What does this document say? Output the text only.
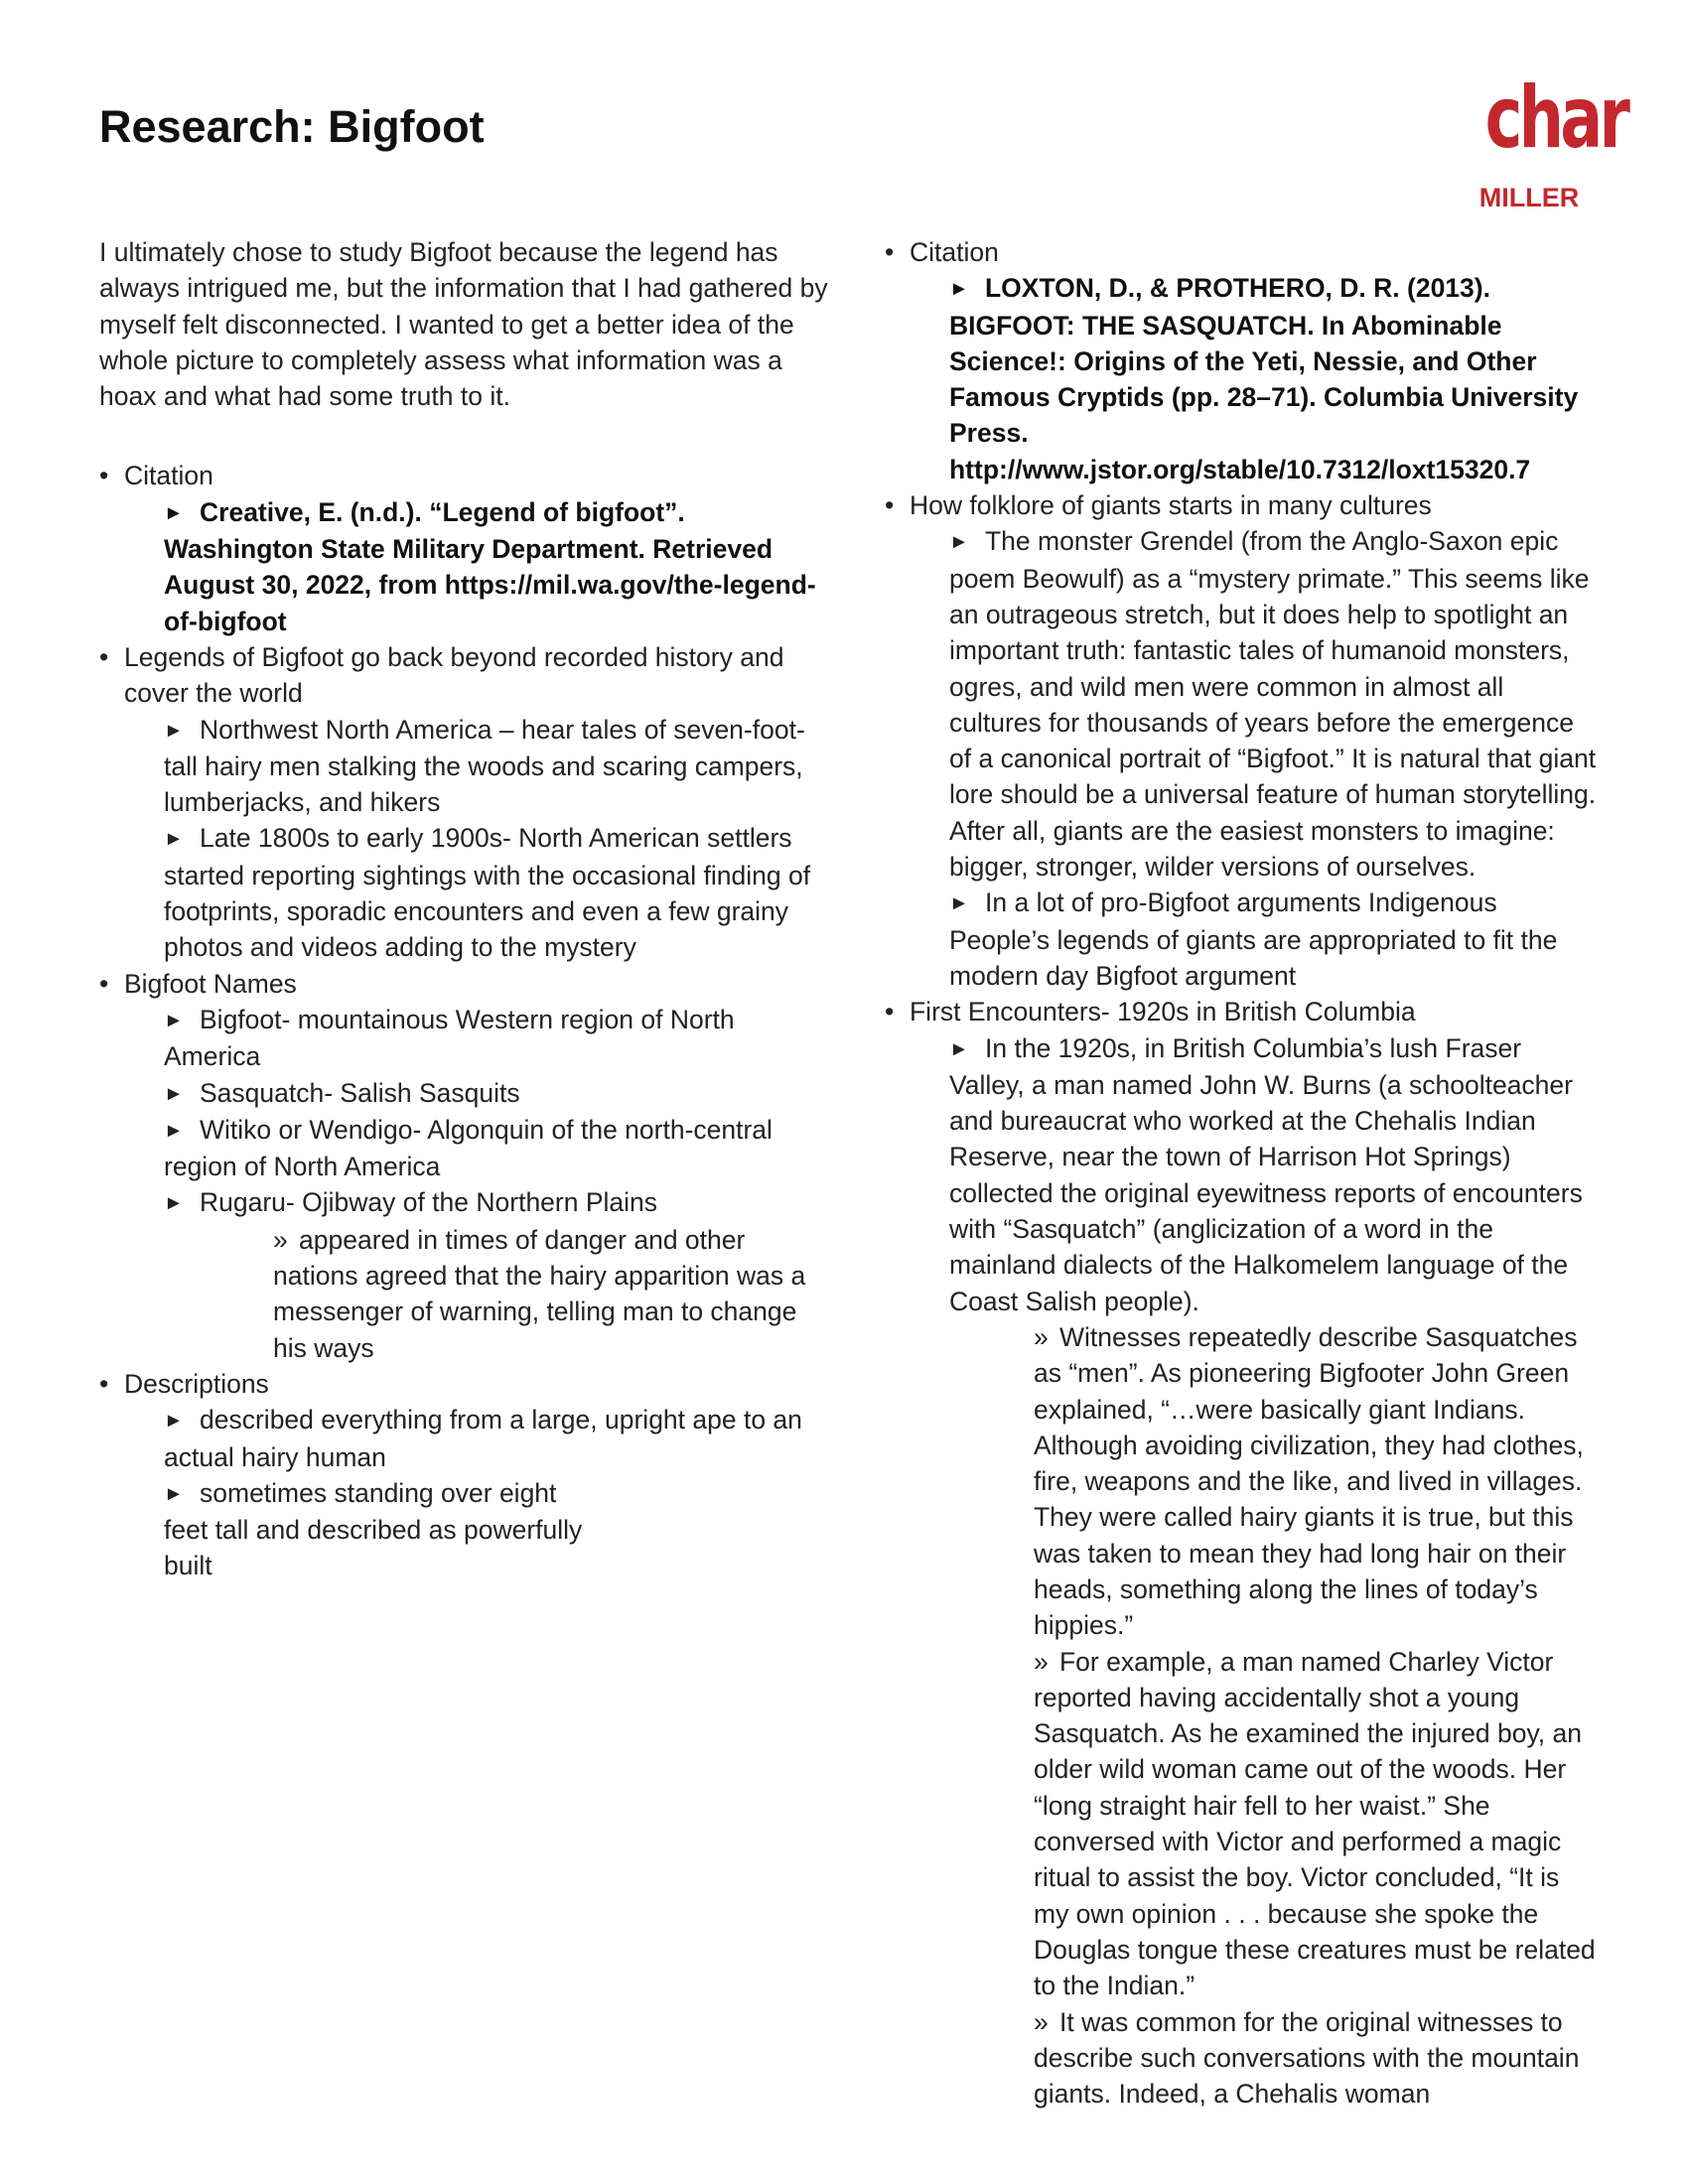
Research: Bigfoot	char
MILLER

I ultimately chose to study Bigfoot because the legend has always intrigued me, but the information that I had gathered by myself felt disconnected. I wanted to get a better idea of the whole picture to completely assess what information was a hoax and what had some truth to it.

• Citation
► Creative, E. (n.d.). “Legend of bigfoot”. Washington State Military Department. Retrieved August 30, 2022, from https://mil.wa.gov/the-legend-of-bigfoot
• Legends of Bigfoot go back beyond recorded history and cover the world
► Northwest North America – hear tales of seven-foot-tall hairy men stalking the woods and scaring campers, lumberjacks, and hikers
► Late 1800s to early 1900s- North American settlers started reporting sightings with the occasional finding of footprints, sporadic encounters and even a few grainy photos and videos adding to the mystery
• Bigfoot Names
► Bigfoot- mountainous Western region of North America
► Sasquatch- Salish Sasquits
► Witiko or Wendigo- Algonquin of the north-central region of North America
► Rugaru- Ojibway of the Northern Plains
» appeared in times of danger and other nations agreed that the hairy apparition was a messenger of warning, telling man to change his ways
• Descriptions
► described everything from a large, upright ape to an actual hairy human
► sometimes standing over eight feet tall and described as powerfully built
• Citation
► LOXTON, D., & PROTHERO, D. R. (2013). BIGFOOT: THE SASQUATCH. In Abominable Science!: Origins of the Yeti, Nessie, and Other Famous Cryptids (pp. 28–71). Columbia University Press. http://www.jstor.org/stable/10.7312/loxt15320.7
• How folklore of giants starts in many cultures
► The monster Grendel (from the Anglo-Saxon epic poem Beowulf) as a “mystery primate.” This seems like an outrageous stretch, but it does help to spotlight an important truth: fantastic tales of humanoid monsters, ogres, and wild men were common in almost all cultures for thousands of years before the emergence of a canonical portrait of “Bigfoot.” It is natural that giant lore should be a universal feature of human storytelling. After all, giants are the easiest monsters to imagine: bigger, stronger, wilder versions of ourselves.
► In a lot of pro-Bigfoot arguments Indigenous People’s legends of giants are appropriated to fit the modern day Bigfoot argument
• First Encounters- 1920s in British Columbia
► In the 1920s, in British Columbia’s lush Fraser Valley, a man named John W. Burns (a schoolteacher and bureaucrat who worked at the Chehalis Indian Reserve, near the town of Harrison Hot Springs) collected the original eyewitness reports of encounters with “Sasquatch” (anglicization of a word in the mainland dialects of the Halkomelem language of the Coast Salish people).
» Witnesses repeatedly describe Sasquatches as “men”. As pioneering Bigfooter John Green explained, “…were basically giant Indians. Although avoiding civilization, they had clothes, fire, weapons and the like, and lived in villages. They were called hairy giants it is true, but this was taken to mean they had long hair on their heads, something along the lines of today’s hippies.”
» For example, a man named Charley Victor reported having accidentally shot a young Sasquatch. As he examined the injured boy, an older wild woman came out of the woods. Her “long straight hair fell to her waist.” She conversed with Victor and performed a magic ritual to assist the boy. Victor concluded, “It is my own opinion . . . because she spoke the Douglas tongue these creatures must be related to the Indian.”
» It was common for the original witnesses to describe such conversations with the mountain giants. Indeed, a Chehalis woman
